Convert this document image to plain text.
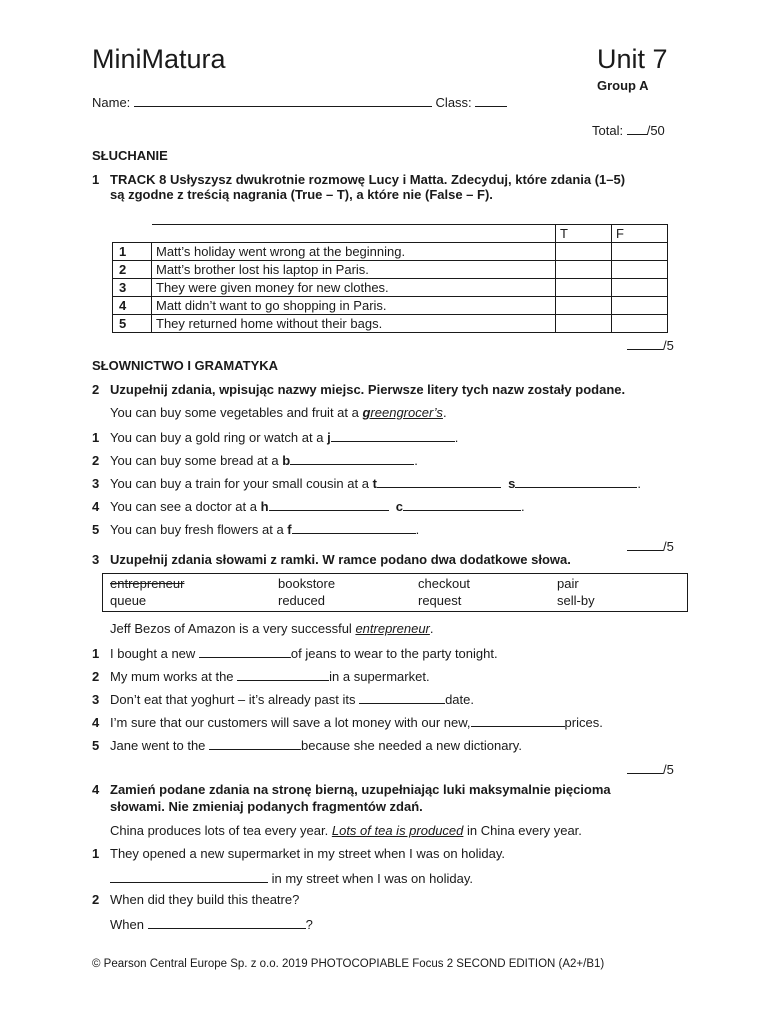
MiniMatura	Unit 7
Group A
Name:	Class:
Total: /50
SŁUCHANIE
1 TRACK 8 Usłyszysz dwukrotnie rozmowę Lucy i Matta. Zdecyduj, które zdania (1–5)
są zgodne z treścią nagrania (True – T), a które nie (False – F).
		T	F
1	Matt’s holiday went wrong at the beginning.		
2	Matt’s brother lost his laptop in Paris.		
3	They were given money for new clothes.		
4	Matt didn’t want to go shopping in Paris.		
5	They returned home without their bags.		
/5
SŁOWNICTWO I GRAMATYKA
2 Uzupełnij zdania, wpisując nazwy miejsc. Pierwsze litery tych nazw zostały podane.
You can buy some vegetables and fruit at a greengrocer’s.
1 You can buy a gold ring or watch at a j	.
2 You can buy some bread at a b	.
3 You can buy a train for your small cousin at a t	s	.
4 You can see a doctor at a h	c	.
5 You can buy fresh flowers at a f	.
/5
3 Uzupełnij zdania słowami z ramki. W ramce podano dwa dodatkowe słowa.
entrepreneur	bookstore	checkout	pair
queue	reduced	request	sell-by
Jeff Bezos of Amazon is a very successful entrepreneur.
1 I bought a new	of jeans to wear to the party tonight.
2 My mum works at the	in a supermarket.
3 Don’t eat that yoghurt – it’s already past its	date.
4 I’m sure that our customers will save a lot money with our new,	prices.
5 Jane went to the	because she needed a new dictionary.
/5
4 Zamień podane zdania na stronę bierną, uzupełniając luki maksymalnie pięcioma
słowami. Nie zmieniaj podanych fragmentów zdań.
China produces lots of tea every year. Lots of tea is produced in China every year.
1 They opened a new supermarket in my street when I was on holiday.
in my street when I was on holiday.
2 When did they build this theatre?
When	?
© Pearson Central Europe Sp. z o.o. 2019 PHOTOCOPIABLE Focus 2 SECOND EDITION (A2+/B1)
